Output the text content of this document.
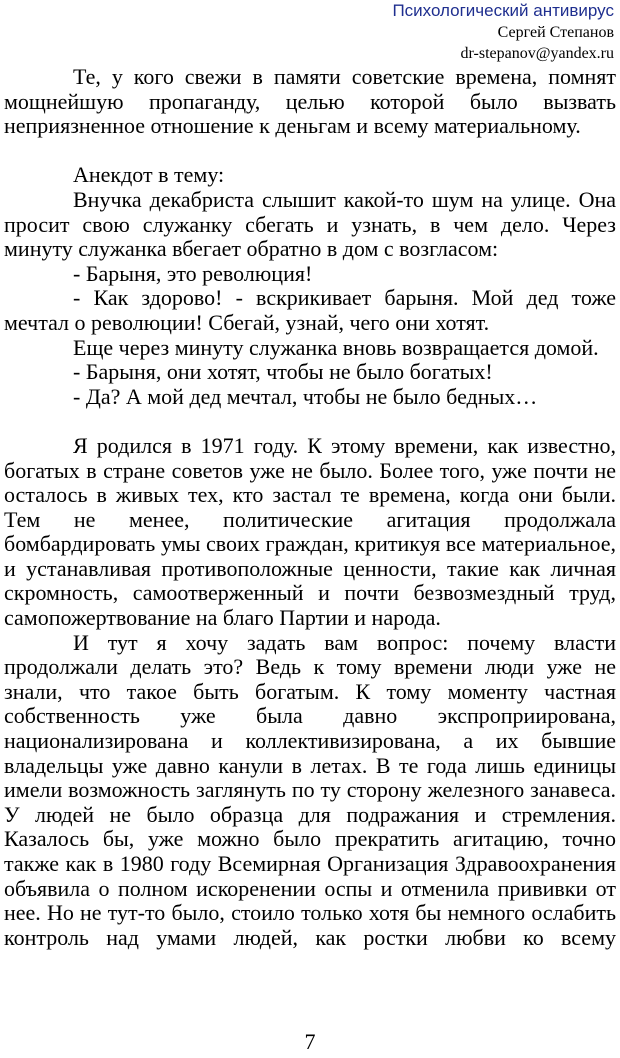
Психологический антивирус
Сергей Степанов
dr-stepanov@yandex.ru

Те, у кого свежи в памяти советские времена, помнят мощнейшую пропаганду, целью которой было вызвать неприязненное отношение к деньгам и всему материальному.

Анекдот в тему:

Внучка декабриста слышит какой-то шум на улице. Она просит свою служанку сбегать и узнать, в чем дело. Через минуту служанка вбегает обратно в дом с возгласом:

- Барыня, это революция!

- Как здорово! - вскрикивает барыня. Мой дед тоже мечтал о революции! Сбегай, узнай, чего они хотят.

Еще через минуту служанка вновь возвращается домой.

- Барыня, они хотят, чтобы не было богатых!

- Да? А мой дед мечтал, чтобы не было бедных…

Я родился в 1971 году. К этому времени, как известно, богатых в стране советов уже не было. Более того, уже почти не осталось в живых тех, кто застал те времена, когда они были. Тем не менее, политические агитация продолжала бомбардировать умы своих граждан, критикуя все материальное, и устанавливая противоположные ценности, такие как личная скромность, самоотверженный и почти безвозмездный труд, самопожертвование на благо Партии и народа.

И тут я хочу задать вам вопрос: почему власти продолжали делать это? Ведь к тому времени люди уже не знали, что такое быть богатым. К тому моменту частная собственность уже была давно экспроприирована, национализирована и коллективизирована, а их бывшие владельцы уже давно канули в летах. В те года лишь единицы имели возможность заглянуть по ту сторону железного занавеса. У людей не было образца для подражания и стремления. Казалось бы, уже можно было прекратить агитацию, точно также как в 1980 году Всемирная Организация Здравоохранения объявила о полном искоренении оспы и отменила прививки от нее. Но не тут-то было, стоило только хотя бы немного ослабить контроль над умами людей, как ростки любви ко всему

7
